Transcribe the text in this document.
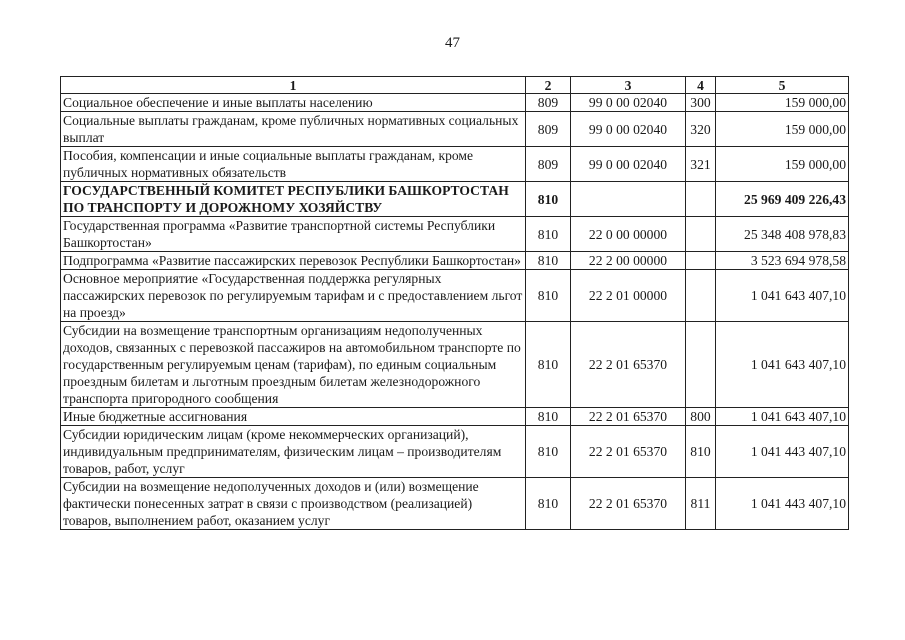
47
1	2	3	4	5
Социальное обеспечение и иные выплаты населению	809	99 0 00 02040	300	159 000,00
Социальные выплаты гражданам, кроме публичных нормативных социальных выплат	809	99 0 00 02040	320	159 000,00
Пособия, компенсации и иные социальные выплаты гражданам, кроме публичных нормативных обязательств	809	99 0 00 02040	321	159 000,00
ГОСУДАРСТВЕННЫЙ КОМИТЕТ РЕСПУБЛИКИ БАШКОРТОСТАН ПО ТРАНСПОРТУ И ДОРОЖНОМУ ХОЗЯЙСТВУ	810			25 969 409 226,43
Государственная программа «Развитие транспортной системы Республики Башкортостан»	810	22 0 00 00000		25 348 408 978,83
Подпрограмма «Развитие пассажирских перевозок Республики Башкортостан»	810	22 2 00 00000		3 523 694 978,58
Основное мероприятие «Государственная поддержка регулярных пассажирских перевозок по регулируемым тарифам и с предоставлением льгот на проезд»	810	22 2 01 00000		1 041 643 407,10
Субсидии на возмещение транспортным организациям недополученных доходов, связанных с перевозкой пассажиров на автомобильном транспорте по государственным регулируемым ценам (тарифам), по единым социальным проездным билетам и льготным проездным билетам железнодорожного транспорта пригородного сообщения	810	22 2 01 65370		1 041 643 407,10
Иные бюджетные ассигнования	810	22 2 01 65370	800	1 041 643 407,10
Субсидии юридическим лицам (кроме некоммерческих организаций), индивидуальным предпринимателям, физическим лицам – производителям товаров, работ, услуг	810	22 2 01 65370	810	1 041 443 407,10
Субсидии на возмещение недополученных доходов и (или) возмещение фактически понесенных затрат в связи с производством (реализацией) товаров, выполнением работ, оказанием услуг	810	22 2 01 65370	811	1 041 443 407,10
